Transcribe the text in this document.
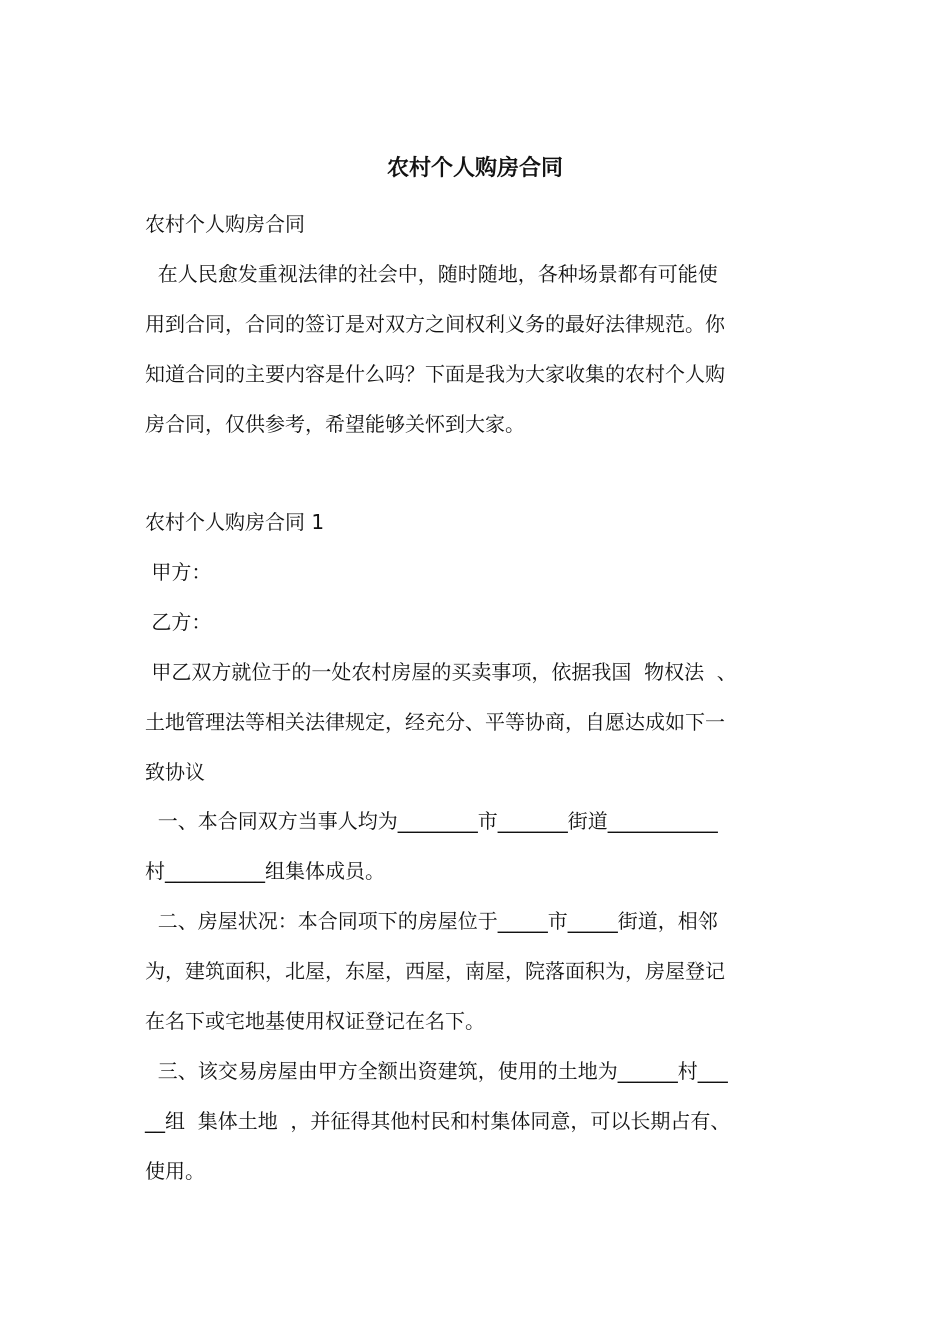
农村个人购房合同
农村个人购房合同
在人民愈发重视法律的社会中，随时随地，各种场景都有可能使
用到合同，合同的签订是对双方之间权利义务的最好法律规范。你
知道合同的主要内容是什么吗？下面是我为大家收集的农村个人购
房合同，仅供参考，希望能够关怀到大家。
农村个人购房合同 1
甲方：
乙方：
甲乙双方就位于的一处农村房屋的买卖事项，依据我国  物权法  、
土地管理法等相关法律规定，经充分、平等协商，自愿达成如下一
致协议
一、本合同双方当事人均为________市_______街道___________
村__________组集体成员。
二、房屋状况：本合同项下的房屋位于_____市_____街道，相邻
为，建筑面积，北屋，东屋，西屋，南屋，院落面积为，房屋登记
在名下或宅地基使用权证登记在名下。
三、该交易房屋由甲方全额出资建筑，使用的土地为______村___
__组  集体土地  ，并征得其他村民和村集体同意，可以长期占有、
使用。
